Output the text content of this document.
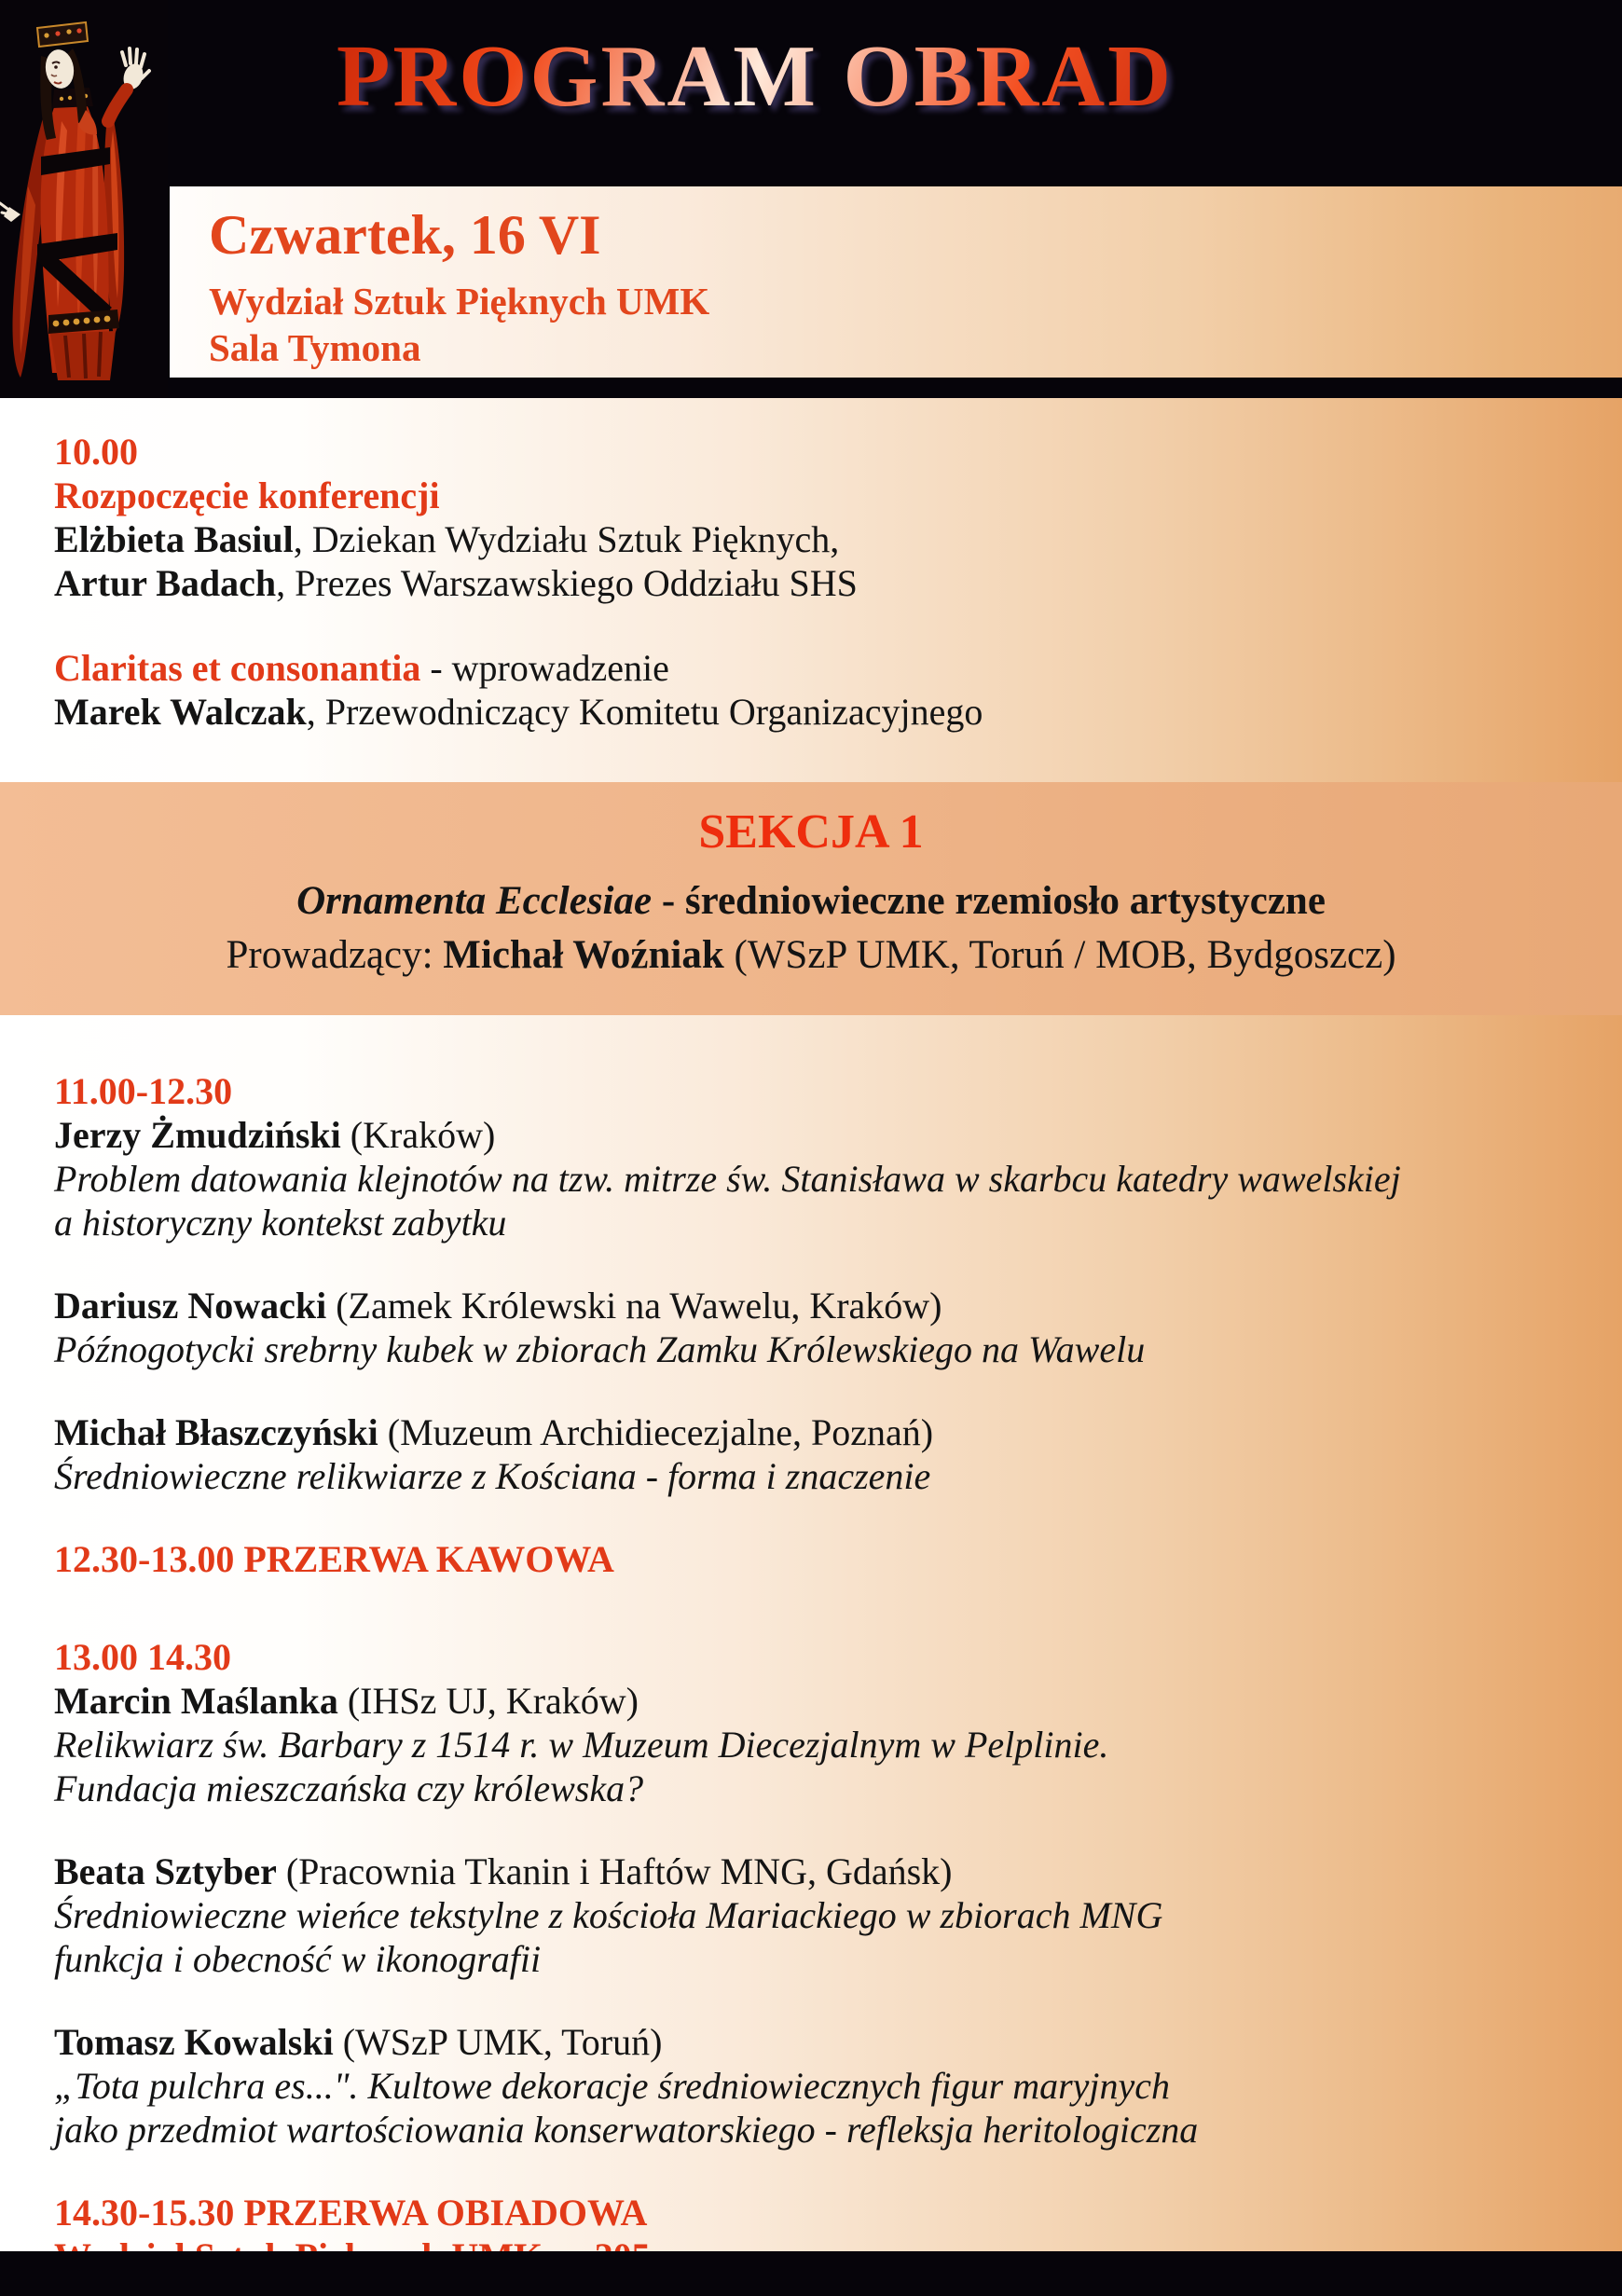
PROGRAM OBRAD
Czwartek, 16 VI
Wydział Sztuk Pięknych UMK
Sala Tymona
10.00
Rozpoczęcie konferencji
Elżbieta Basiul, Dziekan Wydziału Sztuk Pięknych,
Artur Badach, Prezes Warszawskiego Oddziału SHS
Claritas et consonantia - wprowadzenie
Marek Walczak, Przewodniczący Komitetu Organizacyjnego
SEKCJA 1
Ornamenta Ecclesiae - średniowieczne rzemiosło artystyczne
Prowadzący: Michał Woźniak (WSzP UMK, Toruń / MOB, Bydgoszcz)
11.00-12.30
Jerzy Żmudziński (Kraków)
Problem datowania klejnotów na tzw. mitrze św. Stanisława w skarbcu katedry wawelskiej
a historyczny kontekst zabytku
Dariusz Nowacki (Zamek Królewski na Wawelu, Kraków)
Późnogotycki srebrny kubek w zbiorach Zamku Królewskiego na Wawelu
Michał Błaszczyński (Muzeum Archidiecezjalne, Poznań)
Średniowieczne relikwiarze z Kościana - forma i znaczenie
12.30-13.00 PRZERWA KAWOWA
13.00 14.30
Marcin Maślanka (IHSz UJ, Kraków)
Relikwiarz św. Barbary z 1514 r. w Muzeum Diecezjalnym w Pelplinie.
Fundacja mieszczańska czy królewska?
Beata Sztyber (Pracownia Tkanin i Haftów MNG, Gdańsk)
Średniowieczne wieńce tekstylne z kościoła Mariackiego w zbiorach MNG
funkcja i obecność w ikonografii
Tomasz Kowalski (WSzP UMK, Toruń)
„Tota pulchra es...". Kultowe dekoracje średniowiecznych figur maryjnych
jako przedmiot wartościowania konserwatorskiego - refleksja heritologiczna
14.30-15.30 PRZERWA OBIADOWA
